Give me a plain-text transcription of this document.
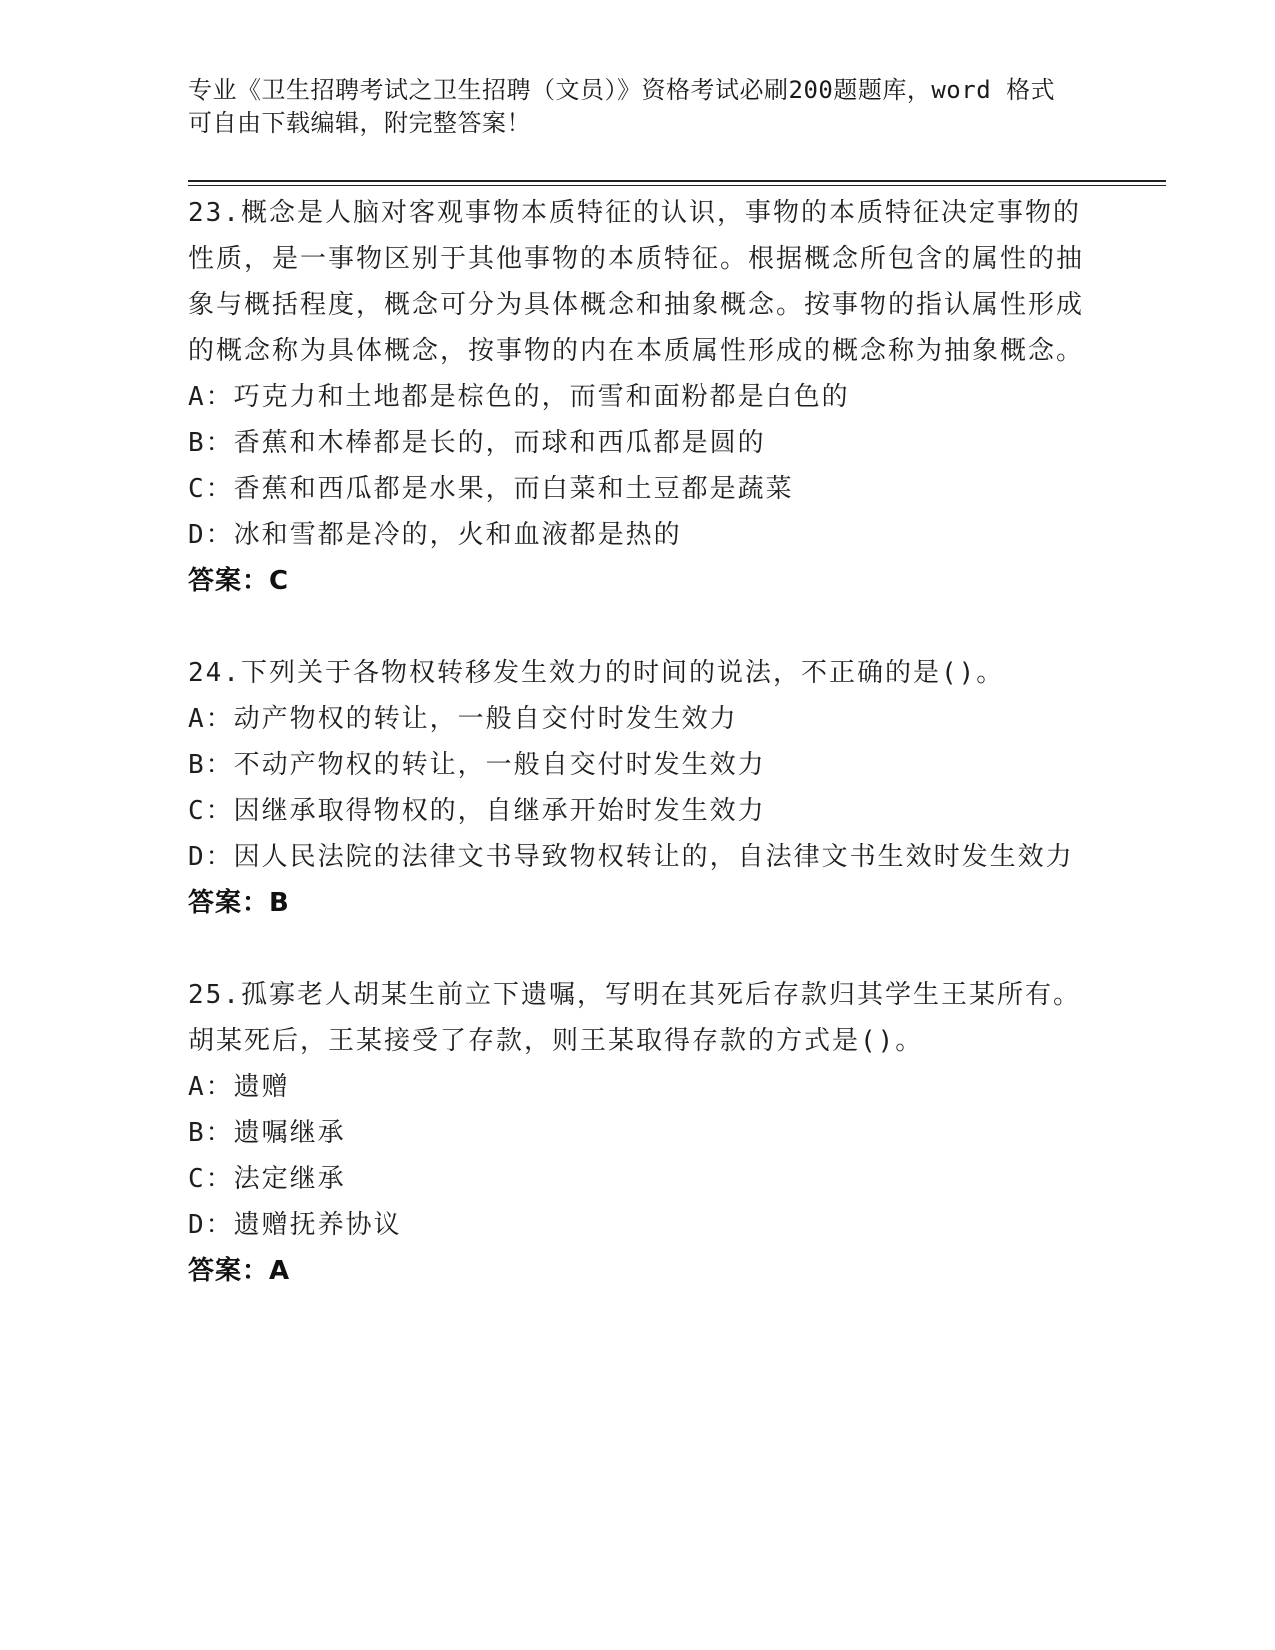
专业《卫生招聘考试之卫生招聘（文员）》资格考试必刷200题题库，word 格式可自由下载编辑，附完整答案！

23.概念是人脑对客观事物本质特征的认识，事物的本质特征决定事物的性质，是一事物区别于其他事物的本质特征。根据概念所包含的属性的抽象与概括程度，概念可分为具体概念和抽象概念。按事物的指认属性形成的概念称为具体概念，按事物的内在本质属性形成的概念称为抽象概念。

A：巧克力和土地都是棕色的，而雪和面粉都是白色的

B：香蕉和木棒都是长的，而球和西瓜都是圆的

C：香蕉和西瓜都是水果，而白菜和土豆都是蔬菜

D：冰和雪都是冷的，火和血液都是热的

答案：C

24.下列关于各物权转移发生效力的时间的说法，不正确的是()。

A：动产物权的转让，一般自交付时发生效力

B：不动产物权的转让，一般自交付时发生效力

C：因继承取得物权的，自继承开始时发生效力

D：因人民法院的法律文书导致物权转让的，自法律文书生效时发生效力

答案：B

25.孤寡老人胡某生前立下遗嘱，写明在其死后存款归其学生王某所有。胡某死后，王某接受了存款，则王某取得存款的方式是()。

A：遗赠

B：遗嘱继承

C：法定继承

D：遗赠抚养协议

答案：A
